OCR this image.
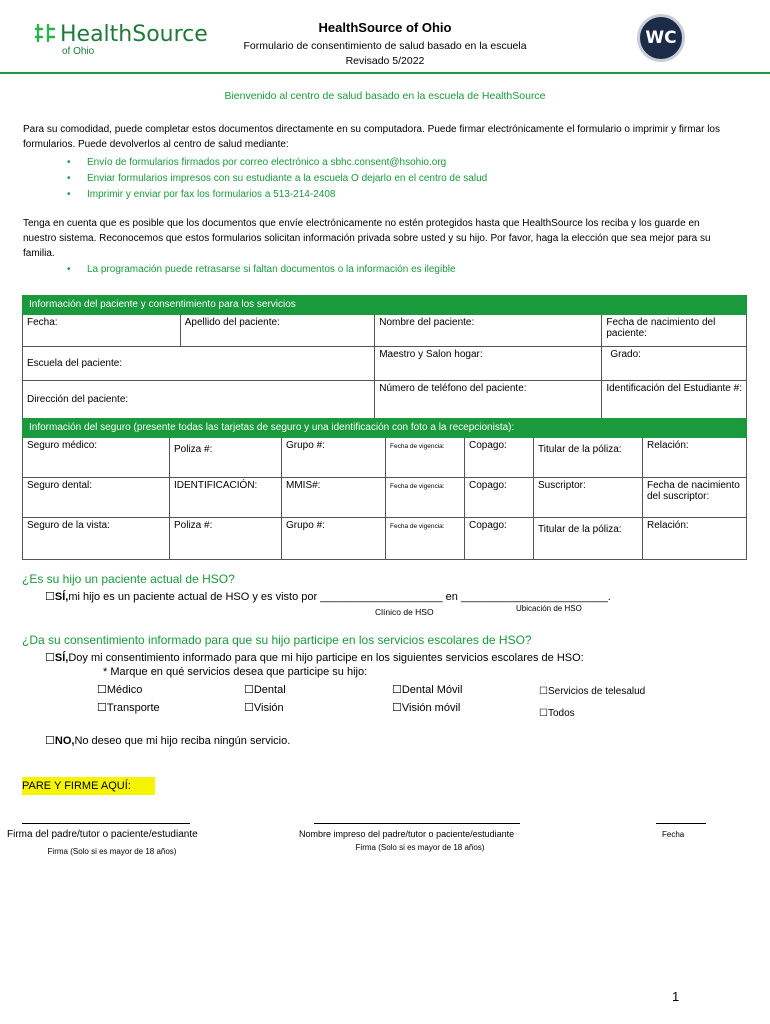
HealthSource
of Ohio
HealthSource of Ohio
Formulario de consentimiento de salud basado en la escuela
Revisado 5/2022
WC
Bienvenido al centro de salud basado en la escuela de HealthSource
Para su comodidad, puede completar estos documentos directamente en su computadora. Puede firmar electrónicamente el formulario o imprimir y firmar los formularios. Puede devolverlos al centro de salud mediante:
• Envío de formularios firmados por correo electrónico a sbhc.consent@hsohio.org
• Enviar formularios impresos con su estudiante a la escuela O dejarlo en el centro de salud
• Imprimir y enviar por fax los formularios a 513-214-2408
Tenga en cuenta que es posible que los documentos que envíe electrónicamente no estén protegidos hasta que HealthSource los reciba y los guarde en nuestro sistema. Reconocemos que estos formularios solicitan información privada sobre usted y su hijo. Por favor, haga la elección que sea mejor para su familia.
• La programación puede retrasarse si faltan documentos o la información es ilegible
Información del paciente y consentimiento para los servicios			
Fecha:	Apellido del paciente:	Nombre del paciente:	Fecha de nacimiento del paciente:
Escuela del paciente:		Maestro y Salon hogar:	Grado:
Dirección del paciente:		Número de teléfono del paciente:	Identificación del Estudiante #:
Información del seguro (presente todas las tarjetas de seguro y una identificación con foto a la recepcionista):						
Seguro médico:	Poliza #:	Grupo #:	Fecha de vigencia:	Copago:	Titular de la póliza:	Relación:
Seguro dental:	IDENTIFICACIÓN:	MMIS#:	Fecha de vigencia:	Copago:	Suscriptor:	Fecha de nacimiento del suscriptor:
Seguro de la vista:	Poliza #:	Grupo #:	Fecha de vigencia:	Copago:	Titular de la póliza:	Relación:
¿Es su hijo un paciente actual de HSO?
☐SÍ,mi hijo es un paciente actual de HSO y es visto por ____________________ en ________________________.
Clínico de HSO	Ubicación de HSO
¿Da su consentimiento informado para que su hijo participe en los servicios escolares de HSO?
☐SÍ,Doy mi consentimiento informado para que mi hijo participe en los siguientes servicios escolares de HSO:
* Marque en qué servicios desea que participe su hijo:
☐Médico	☐Dental	☐Dental Móvil	☐Servicios de telesalud
☐Transporte	☐Visión	☐Visión móvil	☐Todos
☐NO,No deseo que mi hijo reciba ningún servicio.
PARE Y FIRME AQUÍ:
Firma del padre/tutor o paciente/estudiante
Firma (Solo si es mayor de 18 años)
Nombre impreso del padre/tutor o paciente/estudiante
Firma (Solo si es mayor de 18 años)
Fecha
1
